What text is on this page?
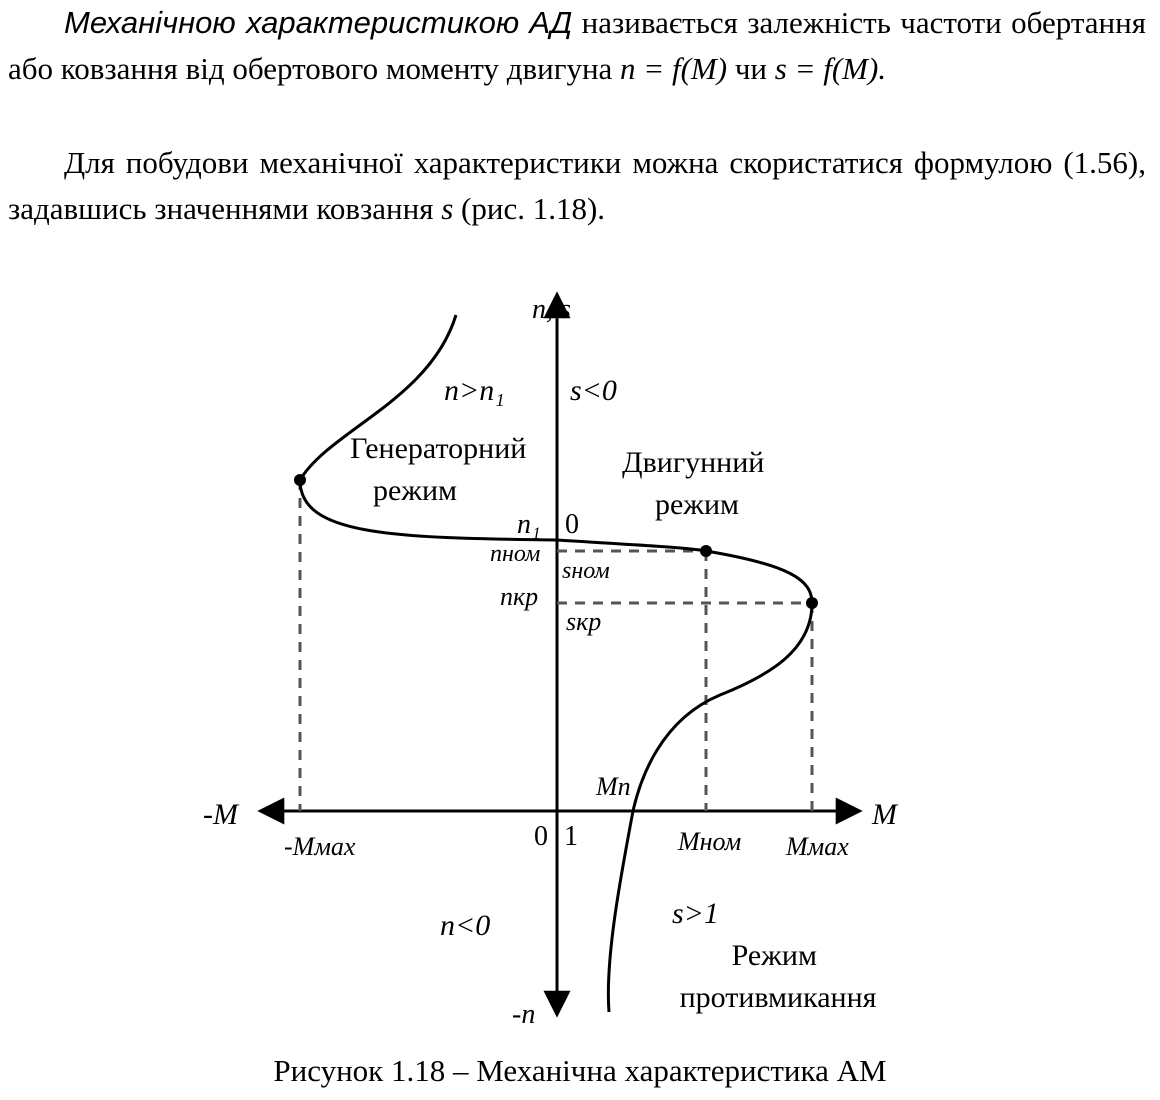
Механічною характеристикою АД називається залежність частоти обертання або ковзання від обертового моменту двигуна n = f(M) чи s = f(M).

Для побудови механічної характеристики можна скористатися формулою (1.56), задавшись значеннями ковзання s (рис. 1.18).

n, s
-n
M
-M
n>n₁ s<0
Генераторний режим
Двигунний режим
n<0	s>1
Режим противмикання
n₁ 0
nном
sном
nкр
sкр
Mп
0 1	Mном Mмах
-Mмах

Рисунок 1.18 – Механічна характеристика АМ
